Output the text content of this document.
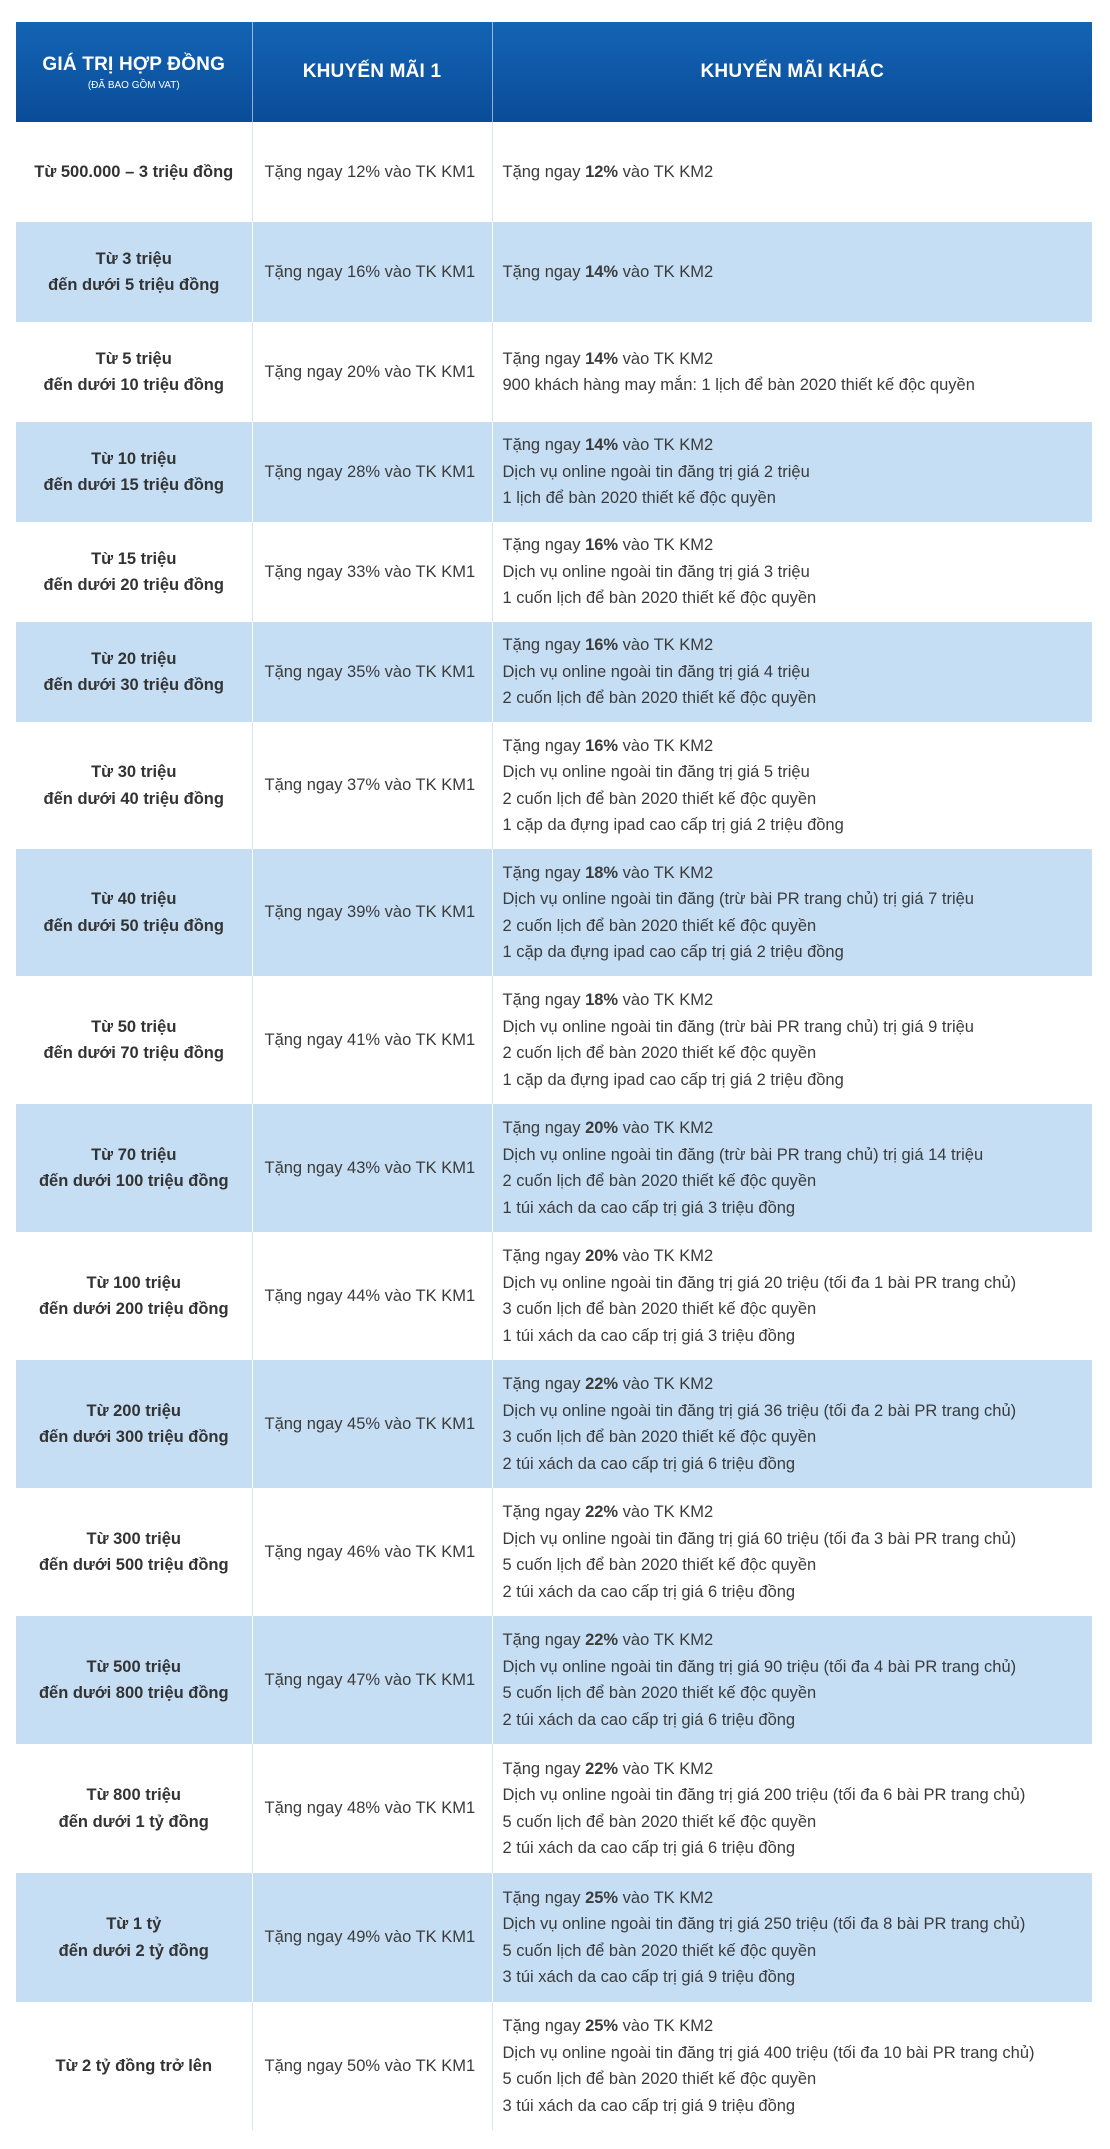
GIÁ TRỊ HỢP ĐỒNG
(ĐÃ BAO GỒM VAT)	KHUYẾN MÃI 1	KHUYẾN MÃI KHÁC

Từ 500.000 – 3 triệu đồng	Tặng ngay 12% vào TK KM1	Tặng ngay 12% vào TK KM2

Từ 3 triệu
đến dưới 5 triệu đồng	Tặng ngay 16% vào TK KM1	Tặng ngay 14% vào TK KM2

Từ 5 triệu
đến dưới 10 triệu đồng	Tặng ngay 20% vào TK KM1	Tặng ngay 14% vào TK KM2
900 khách hàng may mắn: 1 lịch để bàn 2020 thiết kế độc quyền

Từ 10 triệu
đến dưới 15 triệu đồng	Tặng ngay 28% vào TK KM1	Tặng ngay 14% vào TK KM2
Dịch vụ online ngoài tin đăng trị giá 2 triệu
1 lịch để bàn 2020 thiết kế độc quyền

Từ 15 triệu
đến dưới 20 triệu đồng	Tặng ngay 33% vào TK KM1	Tặng ngay 16% vào TK KM2
Dịch vụ online ngoài tin đăng trị giá 3 triệu
1 cuốn lịch để bàn 2020 thiết kế độc quyền

Từ 20 triệu
đến dưới 30 triệu đồng	Tặng ngay 35% vào TK KM1	Tặng ngay 16% vào TK KM2
Dịch vụ online ngoài tin đăng trị giá 4 triệu
2 cuốn lịch để bàn 2020 thiết kế độc quyền

Từ 30 triệu
đến dưới 40 triệu đồng	Tặng ngay 37% vào TK KM1	Tặng ngay 16% vào TK KM2
Dịch vụ online ngoài tin đăng trị giá 5 triệu
2 cuốn lịch để bàn 2020 thiết kế độc quyền
1 cặp da đựng ipad cao cấp trị giá 2 triệu đồng

Từ 40 triệu
đến dưới 50 triệu đồng	Tặng ngay 39% vào TK KM1	Tặng ngay 18% vào TK KM2
Dịch vụ online ngoài tin đăng (trừ bài PR trang chủ) trị giá 7 triệu
2 cuốn lịch để bàn 2020 thiết kế độc quyền
1 cặp da đựng ipad cao cấp trị giá 2 triệu đồng

Từ 50 triệu
đến dưới 70 triệu đồng	Tặng ngay 41% vào TK KM1	Tặng ngay 18% vào TK KM2
Dịch vụ online ngoài tin đăng (trừ bài PR trang chủ) trị giá 9 triệu
2 cuốn lịch để bàn 2020 thiết kế độc quyền
1 cặp da đựng ipad cao cấp trị giá 2 triệu đồng

Từ 70 triệu
đến dưới 100 triệu đồng	Tặng ngay 43% vào TK KM1	Tặng ngay 20% vào TK KM2
Dịch vụ online ngoài tin đăng (trừ bài PR trang chủ) trị giá 14 triệu
2 cuốn lịch để bàn 2020 thiết kế độc quyền
1 túi xách da cao cấp trị giá 3 triệu đồng

Từ 100 triệu
đến dưới 200 triệu đồng	Tặng ngay 44% vào TK KM1	Tặng ngay 20% vào TK KM2
Dịch vụ online ngoài tin đăng trị giá 20 triệu (tối đa 1 bài PR trang chủ)
3 cuốn lịch để bàn 2020 thiết kế độc quyền
1 túi xách da cao cấp trị giá 3 triệu đồng

Từ 200 triệu
đến dưới 300 triệu đồng	Tặng ngay 45% vào TK KM1	Tặng ngay 22% vào TK KM2
Dịch vụ online ngoài tin đăng trị giá 36 triệu (tối đa 2 bài PR trang chủ)
3 cuốn lịch để bàn 2020 thiết kế độc quyền
2 túi xách da cao cấp trị giá 6 triệu đồng

Từ 300 triệu
đến dưới 500 triệu đồng	Tặng ngay 46% vào TK KM1	Tặng ngay 22% vào TK KM2
Dịch vụ online ngoài tin đăng trị giá 60 triệu (tối đa 3 bài PR trang chủ)
5 cuốn lịch để bàn 2020 thiết kế độc quyền
2 túi xách da cao cấp trị giá 6 triệu đồng

Từ 500 triệu
đến dưới 800 triệu đồng	Tặng ngay 47% vào TK KM1	Tặng ngay 22% vào TK KM2
Dịch vụ online ngoài tin đăng trị giá 90 triệu (tối đa 4 bài PR trang chủ)
5 cuốn lịch để bàn 2020 thiết kế độc quyền
2 túi xách da cao cấp trị giá 6 triệu đồng

Từ 800 triệu
đến dưới 1 tỷ đồng	Tặng ngay 48% vào TK KM1	Tặng ngay 22% vào TK KM2
Dịch vụ online ngoài tin đăng trị giá 200 triệu (tối đa 6 bài PR trang chủ)
5 cuốn lịch để bàn 2020 thiết kế độc quyền
2 túi xách da cao cấp trị giá 6 triệu đồng

Từ 1 tỷ
đến dưới 2 tỷ đồng	Tặng ngay 49% vào TK KM1	Tặng ngay 25% vào TK KM2
Dịch vụ online ngoài tin đăng trị giá 250 triệu (tối đa 8 bài PR trang chủ)
5 cuốn lịch để bàn 2020 thiết kế độc quyền
3 túi xách da cao cấp trị giá 9 triệu đồng

Từ 2 tỷ đồng trở lên	Tặng ngay 50% vào TK KM1	Tặng ngay 25% vào TK KM2
Dịch vụ online ngoài tin đăng trị giá 400 triệu (tối đa 10 bài PR trang chủ)
5 cuốn lịch để bàn 2020 thiết kế độc quyền
3 túi xách da cao cấp trị giá 9 triệu đồng
